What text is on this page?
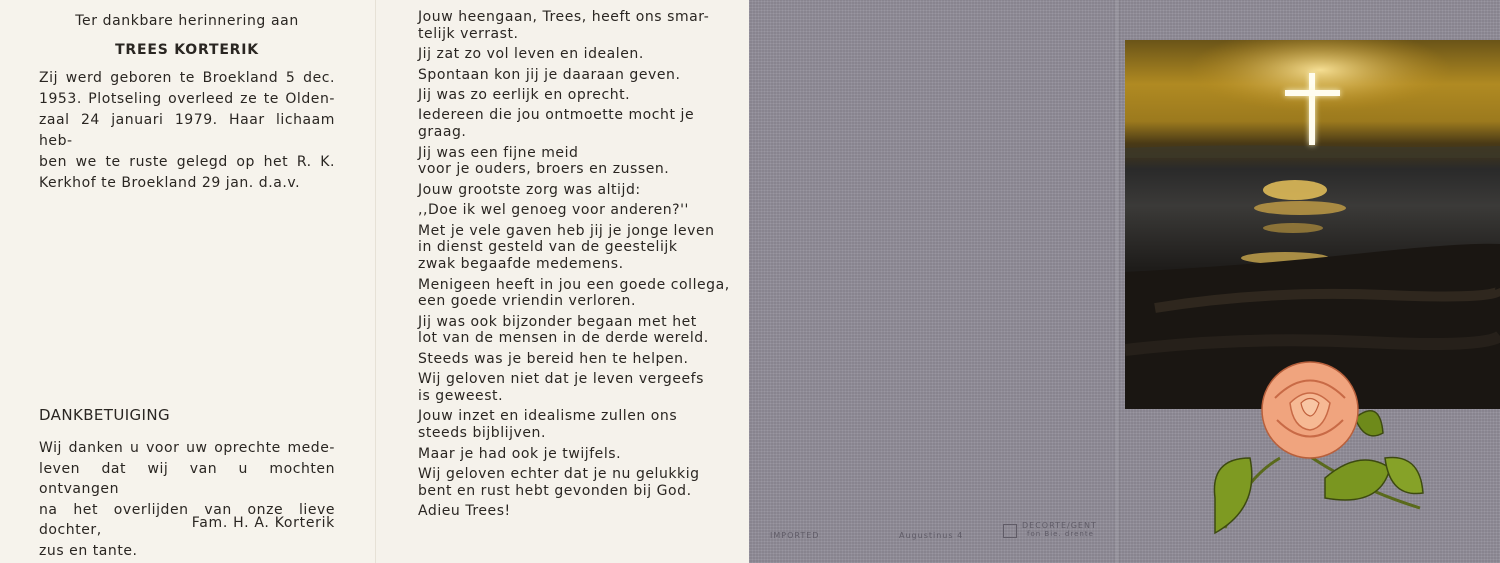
Ter dankbare herinnering aan

TREES KORTERIK

Zij werd geboren te Broekland 5 dec.
1953. Plotseling overleed ze te Olden-
zaal 24 januari 1979. Haar lichaam heb-
ben we te ruste gelegd op het R. K.
Kerkhof te Broekland 29 jan. d.a.v.

DANKBETUIGING

Wij danken u voor uw oprechte mede-
leven dat wij van u mochten ontvangen
na het overlijden van onze lieve dochter,
zus en tante.

Fam. H. A. Korterik

Jouw heengaan, Trees, heeft ons smar-
telijk verrast.
Jij zat zo vol leven en idealen.
Spontaan kon jij je daaraan geven.
Jij was zo eerlijk en oprecht.
Iedereen die jou ontmoette mocht je
graag.
Jij was een fijne meid
voor je ouders, broers en zussen.
Jouw grootste zorg was altijd:
,,Doe ik wel genoeg voor anderen?''
Met je vele gaven heb jij je jonge leven
in dienst gesteld van de geestelijk
zwak begaafde medemens.
Menigeen heeft in jou een goede collega,
een goede vriendin verloren.
Jij was ook bijzonder begaan met het
lot van de mensen in de derde wereld.
Steeds was je bereid hen te helpen.
Wij geloven niet dat je leven vergeefs
is geweest.
Jouw inzet en idealisme zullen ons
steeds bijblijven.
Maar je had ook je twijfels.
Wij geloven echter dat je nu gelukkig
bent en rust hebt gevonden bij God.
Adieu Trees!
IMPORTED	Augustinus 4
DECORTE/GENT
fon Bie. drente
